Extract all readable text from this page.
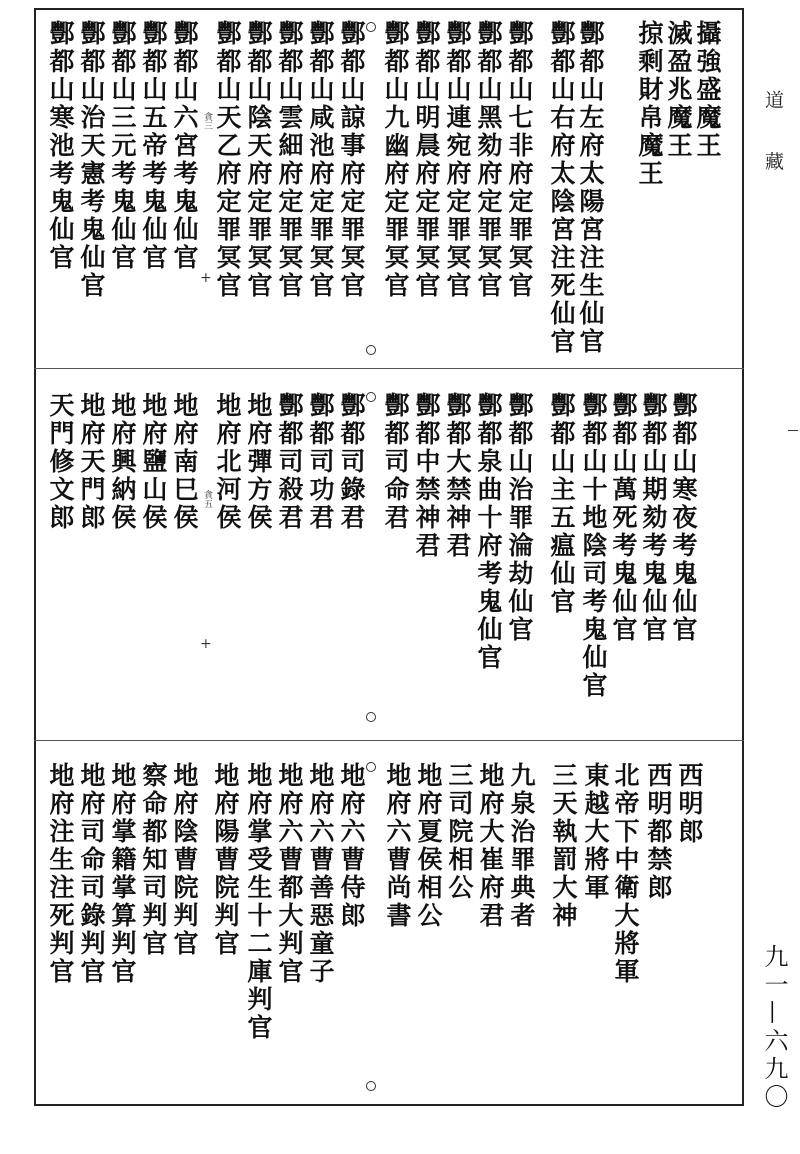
攝強盛魔王
滅盈兆魔王
掠剩財帛魔王
酆都山右府太陰宮注死仙官 酆都山左府太陽宮注生仙官
酆都山七非府定罪冥官
酆都山黑劾府定罪冥官
酆都山連宛府定罪冥官
酆都山明晨府定罪冥官
酆都山九幽府定罪冥官
酆都山諒事府定罪冥官
酆都山咸池府定罪冥官
酆都山雲細府定罪冥官
酆都山陰天府定罪冥官
酆都山天乙府定罪冥官
酆都山六宮考鬼仙官
酆都山五帝考鬼仙官
酆都山三元考鬼仙官
酆都山治天憲考鬼仙官
酆都山寒池考鬼仙官	貪三
酆都山寒夜考鬼仙官
酆都山期劾考鬼仙官
酆都山萬死考鬼仙官
酆都山十地陰司考鬼仙官
酆都山主五瘟仙官
酆都山治罪淪劫仙官
酆都泉曲十府考鬼仙官
酆都大禁神君
酆都中禁神君
酆都司命君
酆都司錄君
酆都司功君
酆都司殺君
地府彈方侯
地府北河侯
地府南巳侯
地府鹽山侯
地府興納侯
地府天門郎
天門修文郎	貪五
西明郎
西明都禁郎
北帝下中衛大將軍
東越大將軍
三天執罰大神
九泉治罪典者
地府大崔府君
三司院相公
地府夏侯相公
地府六曹尚書
地府六曹侍郎
地府六曹善惡童子
地府六曹都大判官
地府掌受生十二庫判官
地府陽曹院判官
地府陰曹院判官
察命都知司判官
地府掌籍掌算判官
地府司命司錄判官
地府注生注死判官
+
+
道 藏
九一—六九〇
